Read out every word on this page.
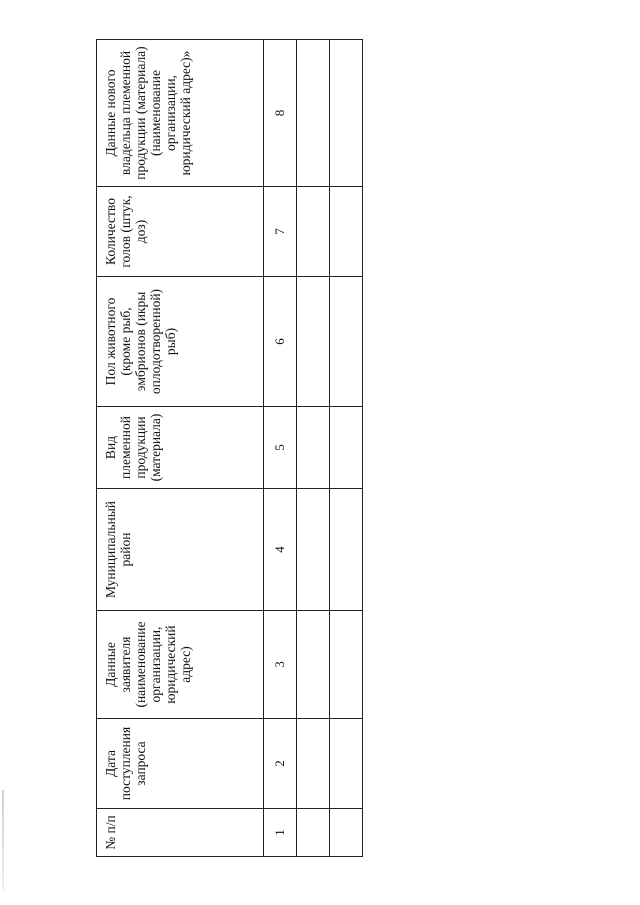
№ п/п	Дата поступления запроса	Данные заявителя (наименование организации, юридический адрес)	Муниципальный район	Вид племенной продукции (материала)	Пол животного (кроме рыб, эмбрионов (икры оплодотворенной) рыб)	Количество голов (штук, доз)	Данные нового владельца племенной продукции (материала) (наименование организации, юридический адрес)»
1	2	3	4	5	6	7	8
